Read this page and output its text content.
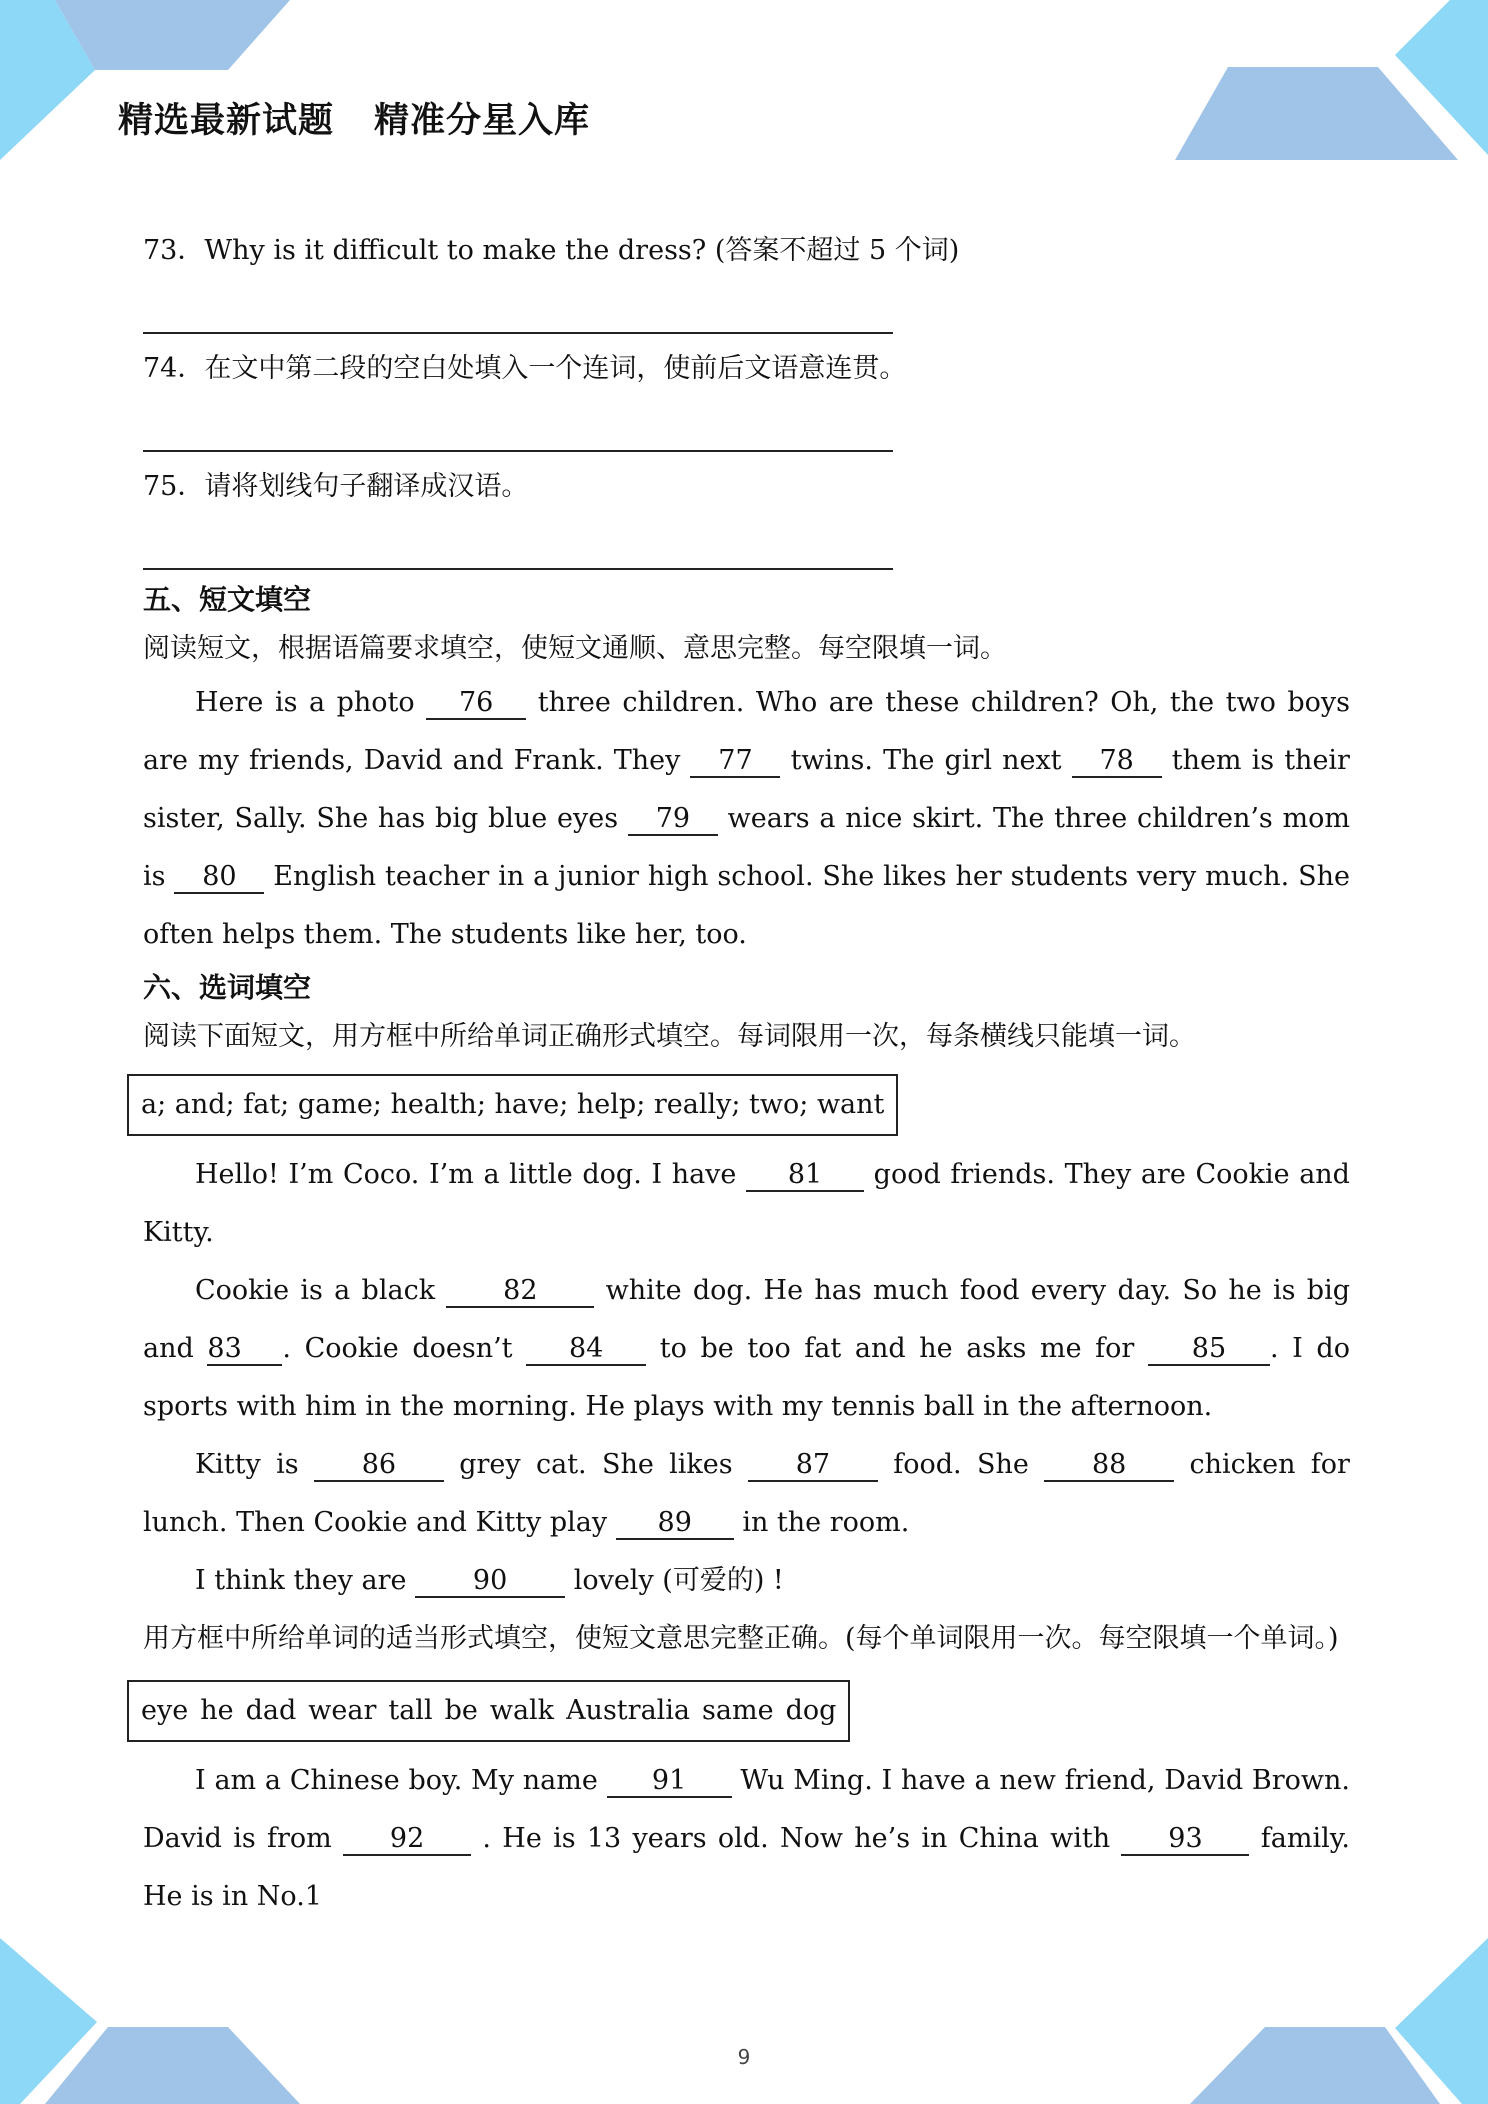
精选最新试题 精准分星入库
73．Why is it difficult to make the dress? (答案不超过 5 个词)
74．在文中第二段的空白处填入一个连词，使前后文语意连贯。
75．请将划线句子翻译成汉语。
五、短文填空
阅读短文，根据语篇要求填空，使短文通顺、意思完整。每空限填一词。

Here is a photo 76 three children. Who are these children? Oh, the two boys are my friends, David and Frank. They 77 twins. The girl next 78 them is their sister, Sally. She has big blue eyes 79 wears a nice skirt. The three children’s mom is 80 English teacher in a junior high school. She likes her students very much. She often helps them. The students like her, too.

六、选词填空
阅读下面短文，用方框中所给单词正确形式填空。每词限用一次，每条横线只能填一词。
a; and; fat; game; health; have; help; really; two; want

Hello! I’m Coco. I’m a little dog. I have 81 good friends. They are Cookie and Kitty.

Cookie is a black	82	white dog. He has much food every day. So he is big and 83 . Cookie doesn’t 84 to be too fat and he asks me for 85 . I do sports with him in the morning. He plays with my tennis ball in the afternoon.

Kitty is 86 grey cat. She likes 87 food. She 88 chicken for lunch. Then Cookie and Kitty play 89 in the room.

I think they are 90 lovely (可爱的) !

用方框中所给单词的适当形式填空，使短文意思完整正确。(每个单词限用一次。每空限填一个单词。)

eye he dad wear tall be walk Australia same dog

I am a Chinese boy. My name 91 Wu Ming. I have a new friend, David Brown. David is from 92 . He is 13 years old. Now he’s in China with 93 family. He is in No.1

9
